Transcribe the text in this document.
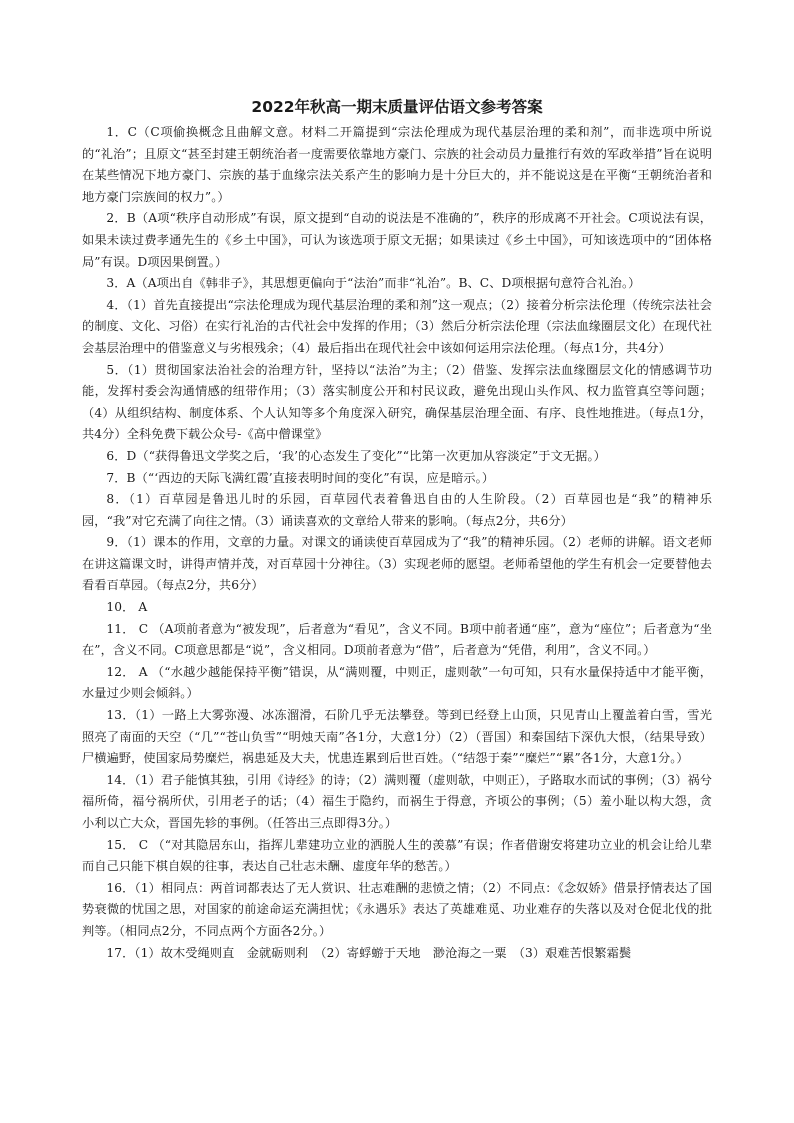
2022年秋高一期末质量评估语文参考答案

1．C（C项偷换概念且曲解文意。材料二开篇提到“宗法伦理成为现代基层治理的柔和剂”，而非选项中所说的“礼治”；且原文“甚至封建王朝统治者一度需要依靠地方豪门、宗族的社会动员力量推行有效的军政举措”旨在说明在某些情况下地方豪门、宗族的基于血缘宗法关系产生的影响力是十分巨大的，并不能说这是在平衡“王朝统治者和地方豪门宗族间的权力”。）

2．B（A项“秩序自动形成”有误，原文提到“自动的说法是不准确的”，秩序的形成离不开社会。C项说法有误，如果未读过费孝通先生的《乡土中国》，可认为该选项于原文无据；如果读过《乡土中国》，可知该选项中的“团体格局”有误。D项因果倒置。）

3．A（A项出自《韩非子》，其思想更偏向于“法治”而非“礼治”。B、C、D项根据句意符合礼治。）

4．（1）首先直接提出“宗法伦理成为现代基层治理的柔和剂”这一观点；（2）接着分析宗法伦理（传统宗法社会的制度、文化、习俗）在实行礼治的古代社会中发挥的作用；（3）然后分析宗法伦理（宗法血缘圈层文化）在现代社会基层治理中的借鉴意义与劣根残余；（4）最后指出在现代社会中该如何运用宗法伦理。（每点1分，共4分）

5．（1）贯彻国家法治社会的治理方针，坚持以“法治”为主；（2）借鉴、发挥宗法血缘圈层文化的情感调节功能，发挥村委会沟通情感的纽带作用；（3）落实制度公开和村民议政，避免出现山头作风、权力监管真空等问题；（4）从组织结构、制度体系、个人认知等多个角度深入研究，确保基层治理全面、有序、良性地推进。（每点1分，共4分）全科免费下载公众号-《高中僧课堂》

6．D（“获得鲁迅文学奖之后，‘我’的心态发生了变化”“比第一次更加从容淡定”于文无据。）

7．B（“‘西边的天际飞满红霞’直接表明时间的变化”有误，应是暗示。）

8．（1）百草园是鲁迅儿时的乐园，百草园代表着鲁迅自由的人生阶段。（2）百草园也是“我”的精神乐园，“我”对它充满了向往之情。（3）诵读喜欢的文章给人带来的影响。（每点2分，共6分）

9．（1）课本的作用，文章的力量。对课文的诵读使百草园成为了“我”的精神乐园。（2）老师的讲解。语文老师在讲这篇课文时，讲得声情并茂，对百草园十分神往。（3）实现老师的愿望。老师希望他的学生有机会一定要替他去看看百草园。（每点2分，共6分）

10． A

11． C （A项前者意为“被发现”，后者意为“看见”，含义不同。B项中前者通“座”，意为“座位”；后者意为“坐在”，含义不同。C项意思都是“说”，含义相同。D项前者意为“借”，后者意为“凭借，利用”，含义不同。）

12． A （“水越少越能保持平衡”错误，从“满则覆，中则正，虚则欹”一句可知，只有水量保持适中才能平衡，水量过少则会倾斜。）

13．（1）一路上大雾弥漫、冰冻溜滑，石阶几乎无法攀登。等到已经登上山顶，只见青山上覆盖着白雪，雪光照亮了南面的天空（“几”“苍山负雪”“明烛天南”各1分，大意1分）（2）（晋国）和秦国结下深仇大恨，（结果导致）尸横遍野，使国家局势糜烂，祸患延及大夫，忧患连累到后世百姓。（“结怨于秦”“糜烂”“累”各1分，大意1分。）

14．（1）君子能慎其独，引用《诗经》的诗；（2）满则覆（虚则欹，中则正），子路取水而试的事例；（3）祸兮福所倚，福兮祸所伏，引用老子的话；（4）福生于隐约，而祸生于得意，齐顷公的事例；（5）羞小耻以构大怨，贪小利以亡大众，晋国先轸的事例。（任答出三点即得3分。）

15． C （“对其隐居东山，指挥儿辈建功立业的洒脱人生的羡慕”有误；作者借谢安将建功立业的机会让给儿辈而自己只能下棋自娱的往事，表达自己壮志未酬、虚度年华的愁苦。）

16．（1）相同点：两首词都表达了无人赏识、壮志难酬的悲愤之情；（2）不同点：《念奴娇》借景抒情表达了国势衰微的忧国之思，对国家的前途命运充满担忧；《永遇乐》表达了英雄难觅、功业难存的失落以及对仓促北伐的批判等。（相同点2分，不同点两个方面各2分。）

17．（1）故木受绳则直　金就砺则利　（2）寄蜉蝣于天地　渺沧海之一粟　（3）艰难苦恨繁霜鬓
